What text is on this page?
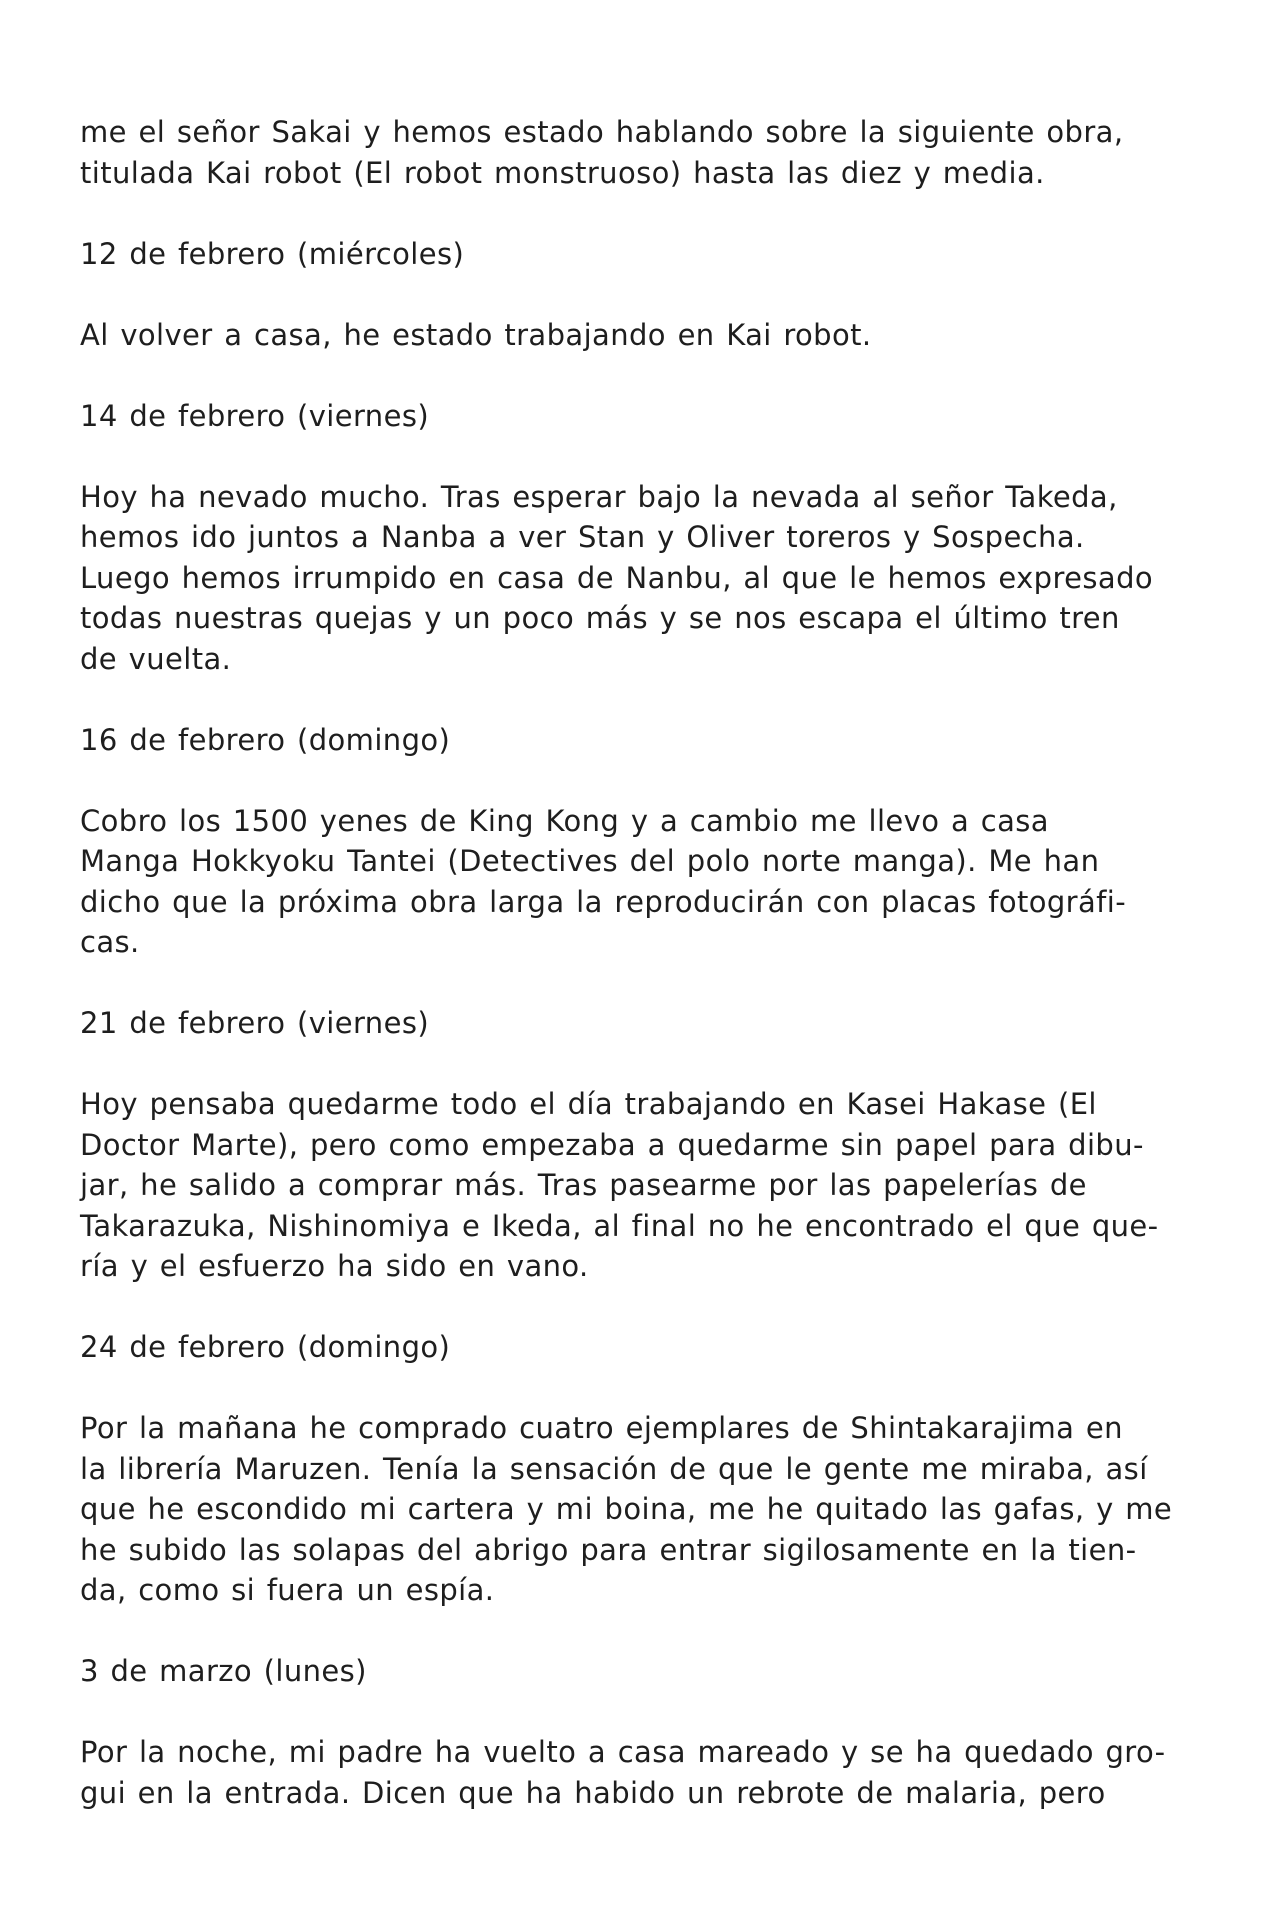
me el señor Sakai y hemos estado hablando sobre la siguiente obra,
titulada Kai robot (El robot monstruoso) hasta las diez y media.
12 de febrero (miércoles)
Al volver a casa, he estado trabajando en Kai robot.
14 de febrero (viernes)
Hoy ha nevado mucho. Tras esperar bajo la nevada al señor Takeda,
hemos ido juntos a Nanba a ver Stan y Oliver toreros y Sospecha.
Luego hemos irrumpido en casa de Nanbu, al que le hemos expresado
todas nuestras quejas y un poco más y se nos escapa el último tren
de vuelta.
16 de febrero (domingo)
Cobro los 1500 yenes de King Kong y a cambio me llevo a casa
Manga Hokkyoku Tantei (Detectives del polo norte manga). Me han
dicho que la próxima obra larga la reproducirán con placas fotográfi-
cas.
21 de febrero (viernes)
Hoy pensaba quedarme todo el día trabajando en Kasei Hakase (El
Doctor Marte), pero como empezaba a quedarme sin papel para dibu-
jar, he salido a comprar más. Tras pasearme por las papelerías de
Takarazuka, Nishinomiya e Ikeda, al final no he encontrado el que que-
ría y el esfuerzo ha sido en vano.
24 de febrero (domingo)
Por la mañana he comprado cuatro ejemplares de Shintakarajima en
la librería Maruzen. Tenía la sensación de que le gente me miraba, así
que he escondido mi cartera y mi boina, me he quitado las gafas, y me
he subido las solapas del abrigo para entrar sigilosamente en la tien-
da, como si fuera un espía.
3 de marzo (lunes)
Por la noche, mi padre ha vuelto a casa mareado y se ha quedado gro-
gui en la entrada. Dicen que ha habido un rebrote de malaria, pero
